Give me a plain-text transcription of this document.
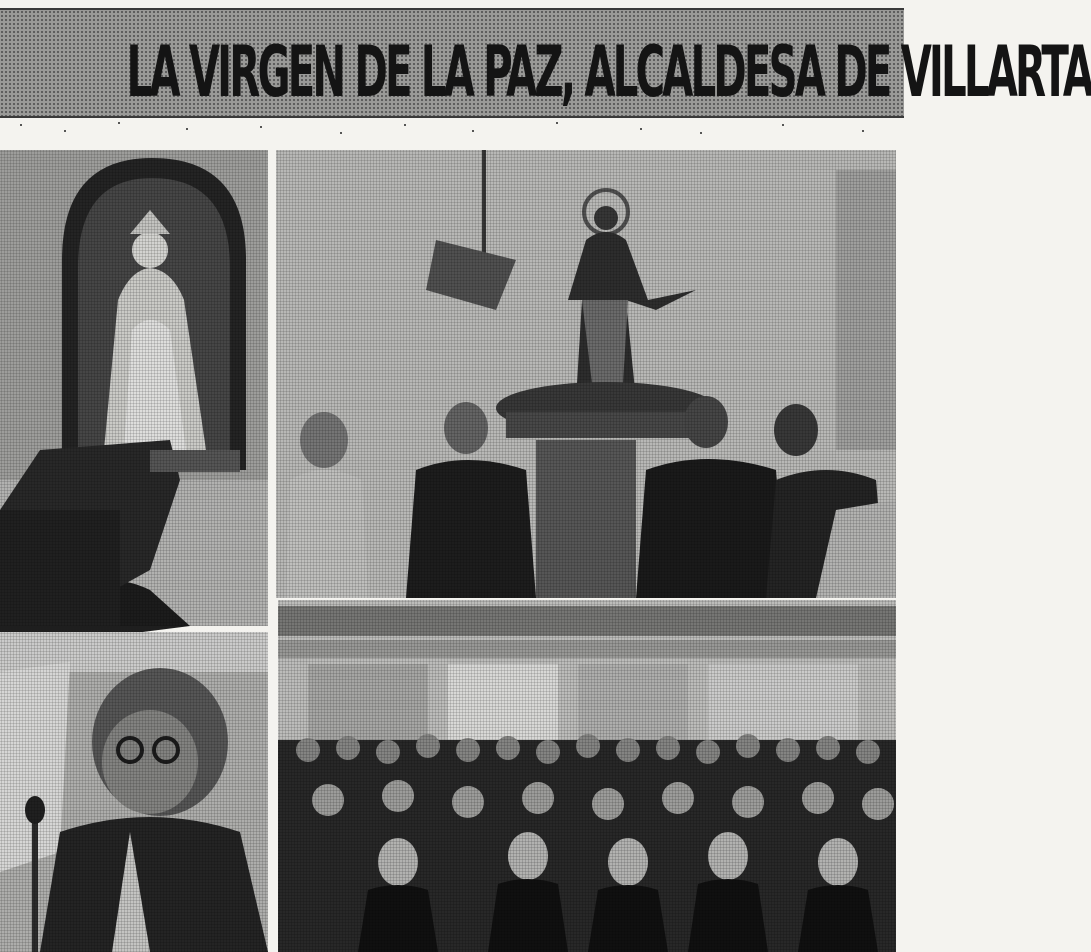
LA VIRGEN DE LA PAZ, ALCALDESA DE VILLARTA
